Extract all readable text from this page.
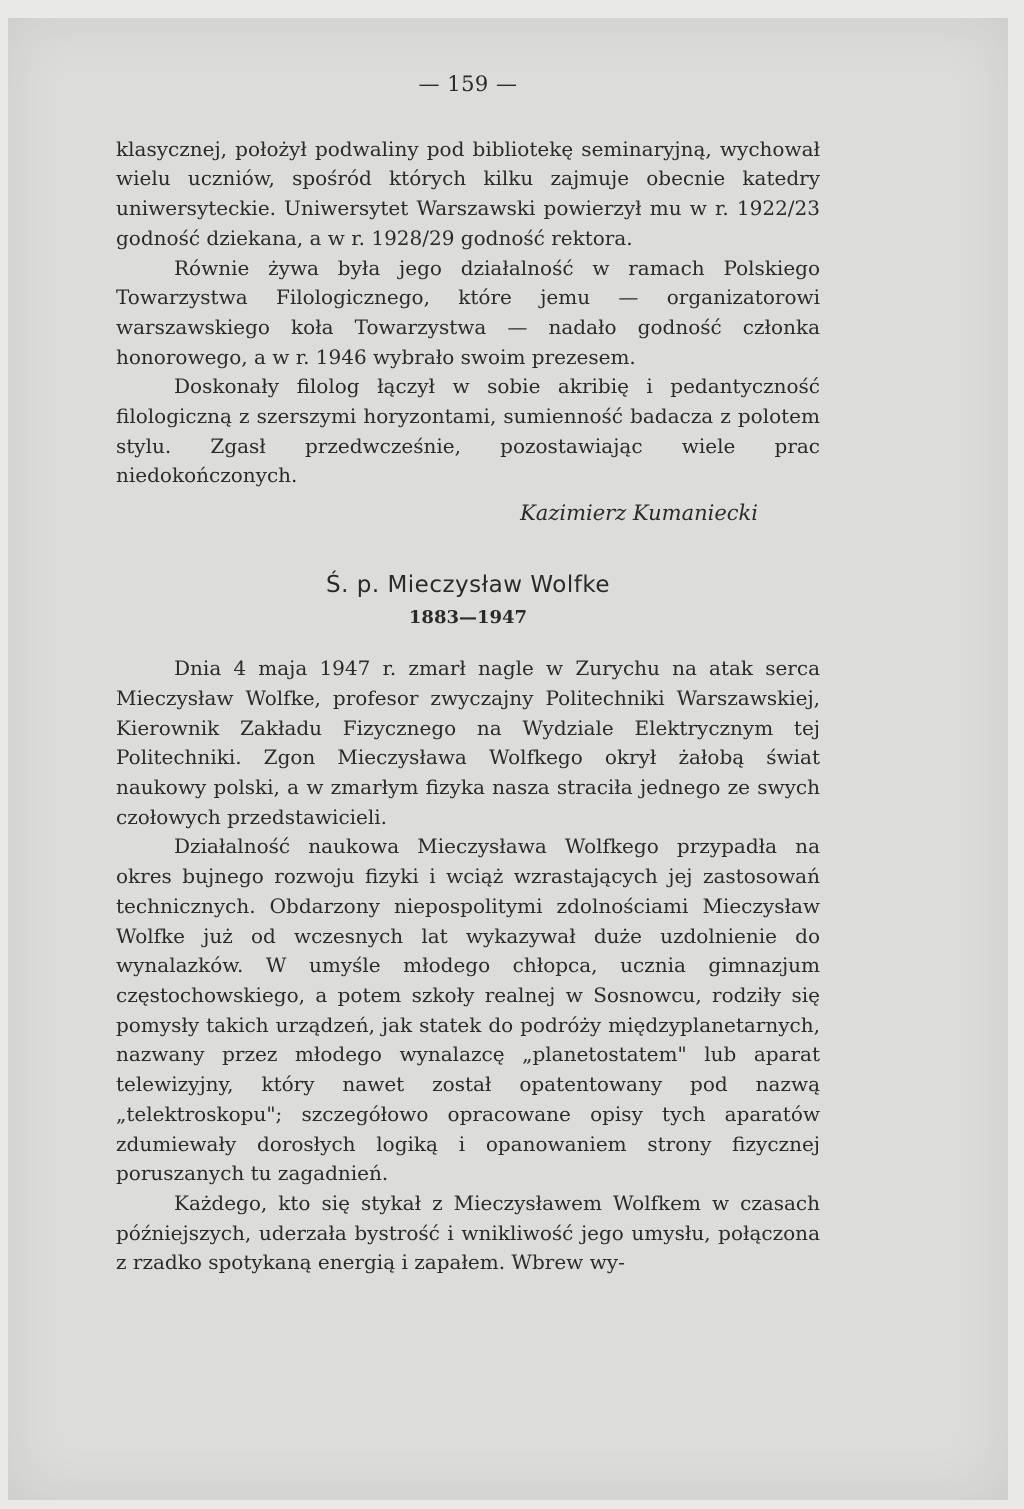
— 159 —

klasycznej, położył podwaliny pod bibliotekę seminaryjną, wychował wielu uczniów, spośród których kilku zajmuje obecnie katedry uniwersyteckie. Uniwersytet Warszawski powierzył mu w r. 1922/23 godność dziekana, a w r. 1928/29 godność rektora.

Równie żywa była jego działalność w ramach Polskiego Towarzystwa Filologicznego, które jemu — organizatorowi warszawskiego koła Towarzystwa — nadało godność członka honorowego, a w r. 1946 wybrało swoim prezesem.

Doskonały filolog łączył w sobie akribię i pedantyczność filologiczną z szerszymi horyzontami, sumienność badacza z polotem stylu. Zgasł przedwcześnie, pozostawiając wiele prac niedokończonych.

Kazimierz Kumaniecki
Ś. p. Mieczysław Wolfke
1883—1947

Dnia 4 maja 1947 r. zmarł nagle w Zurychu na atak serca Mieczysław Wolfke, profesor zwyczajny Politechniki Warszawskiej, Kierownik Zakładu Fizycznego na Wydziale Elektrycznym tej Politechniki. Zgon Mieczysława Wolfkego okrył żałobą świat naukowy polski, a w zmarłym fizyka nasza straciła jednego ze swych czołowych przedstawicieli.

Działalność naukowa Mieczysława Wolfkego przypadła na okres bujnego rozwoju fizyki i wciąż wzrastających jej zastosowań technicznych. Obdarzony niepospolitymi zdolnościami Mieczysław Wolfke już od wczesnych lat wykazywał duże uzdolnienie do wynalazków. W umyśle młodego chłopca, ucznia gimnazjum częstochowskiego, a potem szkoły realnej w Sosnowcu, rodziły się pomysły takich urządzeń, jak statek do podróży międzyplanetarnych, nazwany przez młodego wynalazcę „planetostatem" lub aparat telewizyjny, który nawet został opatentowany pod nazwą „telektroskopu"; szczegółowo opracowane opisy tych aparatów zdumiewały dorosłych logiką i opanowaniem strony fizycznej poruszanych tu zagadnień.

Każdego, kto się stykał z Mieczysławem Wolfkem w czasach późniejszych, uderzała bystrość i wnikliwość jego umysłu, połączona z rzadko spotykaną energią i zapałem. Wbrew wy-
